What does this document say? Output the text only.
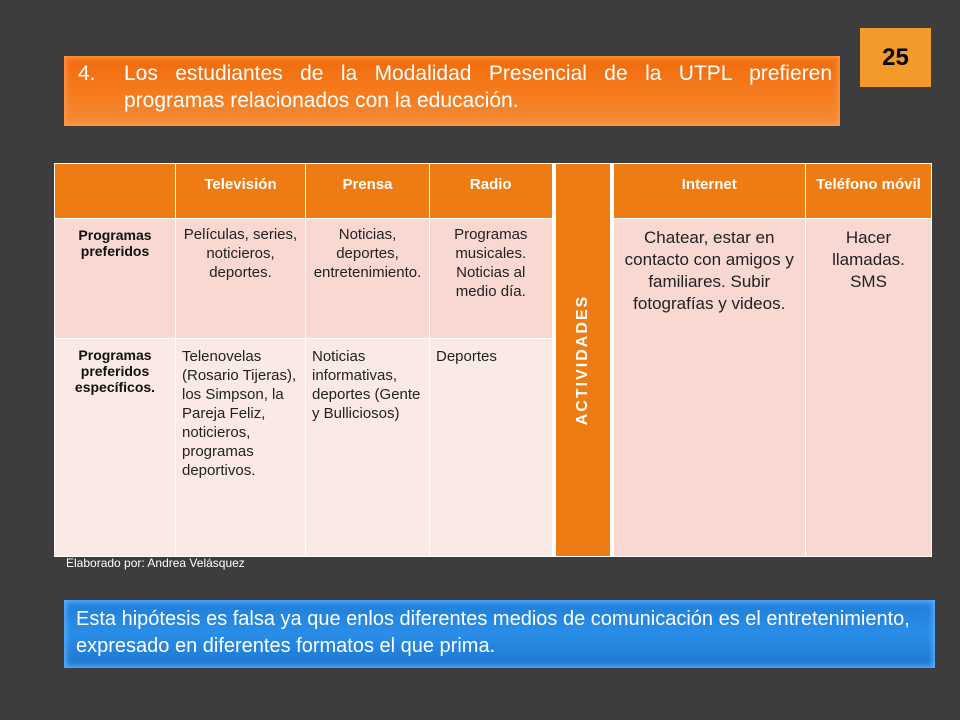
25
4.	Los estudiantes de la Modalidad Presencial de la UTPL prefieren programas relacionados con la educación.
	Televisión	Prensa	Radio	ACTIVIDADES	Internet	Teléfono móvil
Programas preferidos	Películas, series, noticieros, deportes.	Noticias, deportes, entretenimiento.	Programas musicales. Noticias al medio día.		Chatear, estar en contacto con amigos y familiares. Subir fotografías y videos.	Hacer llamadas. SMS
Programas preferidos específicos.	Telenovelas (Rosario Tijeras), los Simpson, la Pareja Feliz, noticieros, programas deportivos.	Noticias informativas, deportes (Gente y Bulliciosos)	Deportes			
Elaborado por: Andrea Velásquez
Esta hipótesis es falsa ya que enlos diferentes medios de comunicación es el entretenimiento, expresado en diferentes formatos el que prima.
